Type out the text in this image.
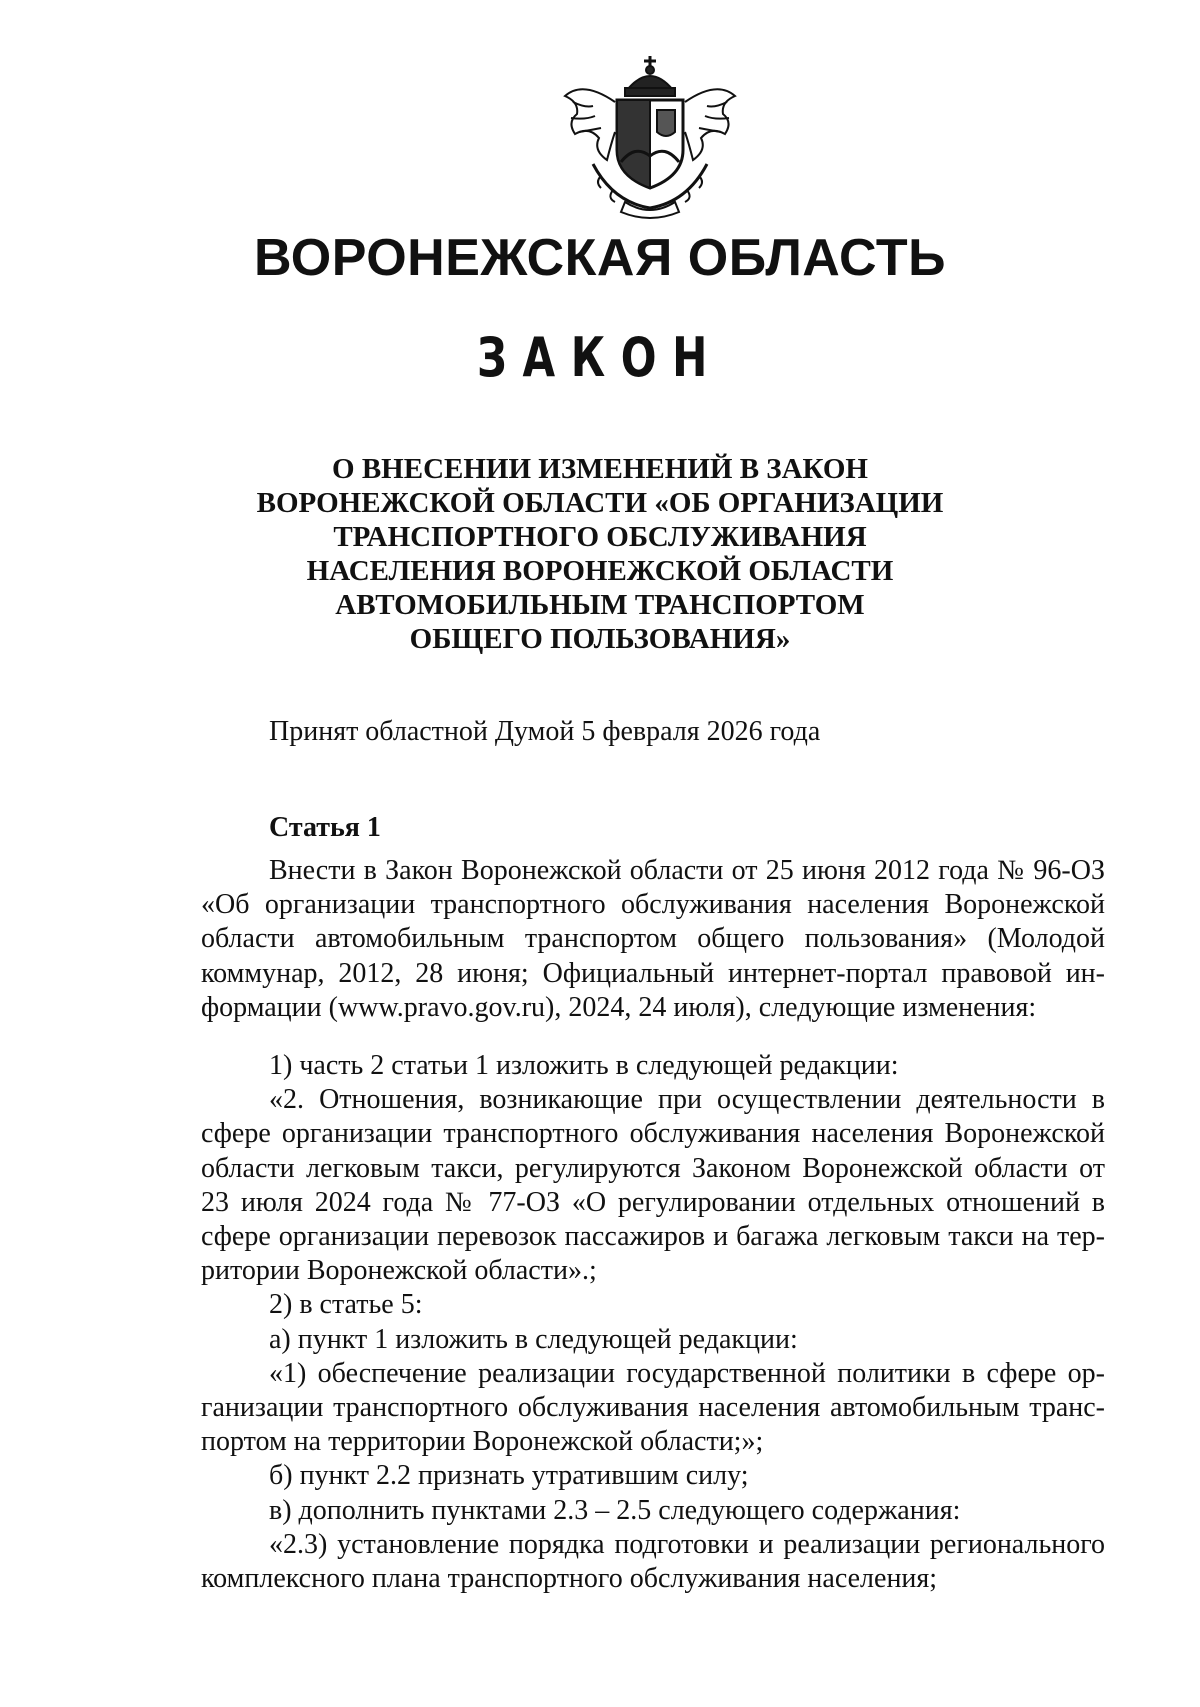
ВОРОНЕЖСКАЯ ОБЛАСТЬ
ЗАКОН
О ВНЕСЕНИИ ИЗМЕНЕНИЙ В ЗАКОН
ВОРОНЕЖСКОЙ ОБЛАСТИ «ОБ ОРГАНИЗАЦИИ
ТРАНСПОРТНОГО ОБСЛУЖИВАНИЯ
НАСЕЛЕНИЯ ВОРОНЕЖСКОЙ ОБЛАСТИ
АВТОМОБИЛЬНЫМ ТРАНСПОРТОМ
ОБЩЕГО ПОЛЬЗОВАНИЯ»
Принят областной Думой 5 февраля 2026 года
Статья 1

Внести в Закон Воронежской области от 25 июня 2012 года № 96-ОЗ «Об организации транспортного обслуживания населения Воронежской области автомобильным транспортом общего пользования» (Молодой коммунар, 2012, 28 июня; Официальный интернет-портал правовой информации (www.pravo.gov.ru), 2024, 24 июля), следующие изменения:

1) часть 2 статьи 1 изложить в следующей редакции:

«2. Отношения, возникающие при осуществлении деятельности в сфере организации транспортного обслуживания населения Воронежской области легковым такси, регулируются Законом Воронежской области от 23 июля 2024 года № 77-ОЗ «О регулировании отдельных отношений в сфере организации перевозок пассажиров и багажа легковым такси на территории Воронежской области».;

2) в статье 5:

а) пункт 1 изложить в следующей редакции:

«1) обеспечение реализации государственной политики в сфере организации транспортного обслуживания населения автомобильным транспортом на территории Воронежской области;»;

б) пункт 2.2 признать утратившим силу;

в) дополнить пунктами 2.3 – 2.5 следующего содержания:

«2.3) установление порядка подготовки и реализации регионального комплексного плана транспортного обслуживания населения;
